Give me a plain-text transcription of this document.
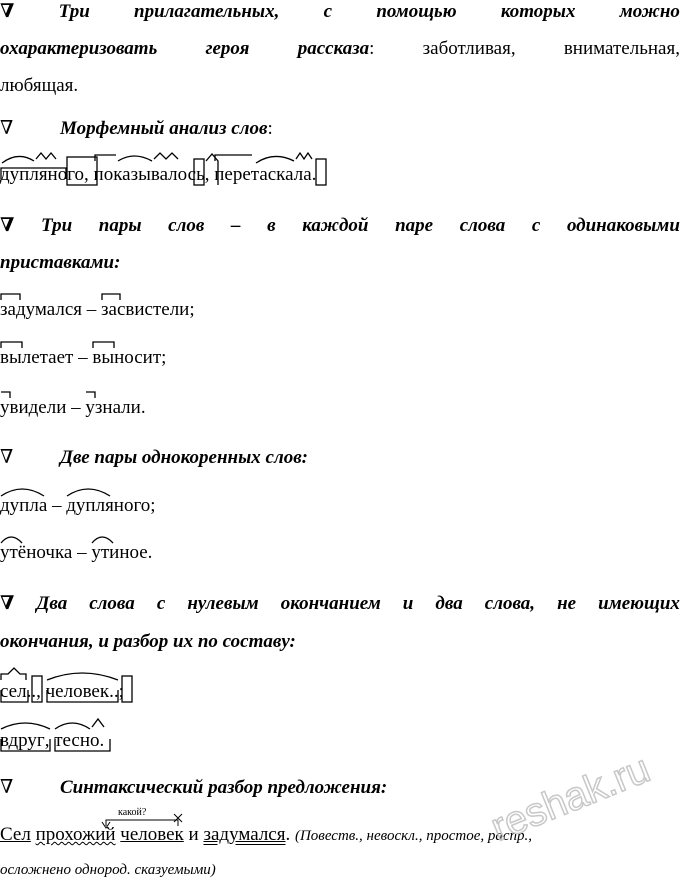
∇ Три прилагательных, с помощью которых можно
охарактеризовать	героя	рассказа:	заботливая,	внимательная,
любящая.
∇ Морфемный анализ слов:
дупляного
, показывалось
, перетаскала
.
∇ Три пары слов – в каждой паре слова с одинаковыми
приставками:
задумался
– засвистели;
вылетает
– выносит;
увидели
– узнали.
∇ Две пары однокоренных слов:
дупла
– дупляного;
утёночка
– утиное.
∇ Два слова с нулевым окончанием и два слова, не имеющих
окончания, и разбор их по составу:
сел..
, человек..
;
вдруг
, тесно
.
∇ Синтаксический разбор предложения:
какой?
Сел прохожий человек и задумался. (Повеств., невоскл., простое, распр.,
осложнено однород. сказуемыми)
reshak.ru
